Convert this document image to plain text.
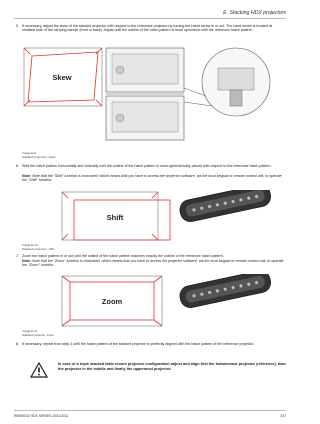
E. Stacking HDX projectors
5. If necessary, adjust the skew of the stacked projector with respect to the reference projector by turning the Hand screw in or out. The hand screw is located at smallest side of the carrying handle (front or back). Adjust until the outline of the hatch pattern is most symmetric with the reference hatch pattern.
Skew
Image E-9
Stacked projectors, skew
6. Shift the hatch pattern horizontally and vertically until the outline of the hatch pattern is most symmetrically placed with respect to the reference hatch pattern.
Note: Note that the "Shift" function is motorized, which means that you have to access the projector software, via the local keypad or remote control unit, to operate the "Shift" function.
Shift
Image E-10
Stacked projectors, shift
7. Zoom the hatch pattern in or out until the outline of the hatch pattern matches exactly the outline of the reference hatch pattern.
Note: Note that the "Zoom" function is motorized, which means that you have to access the projector software, via the local keypad or remote control unit, to operate the "Zoom" function.
Zoom
Image E-11
Stacked projector, zoom
8. If necessary, repeat from step 2 until the hatch pattern of the stacked projector is perfectly aligned with the hatch pattern of the reference projector.
In case of a triple stacked table mount projector configuration adjust and align first the bottommost projector (reference), than the projector in the middle and finally the uppermost projector.
R5905032 HDX SERIES 23/11/2011	347
